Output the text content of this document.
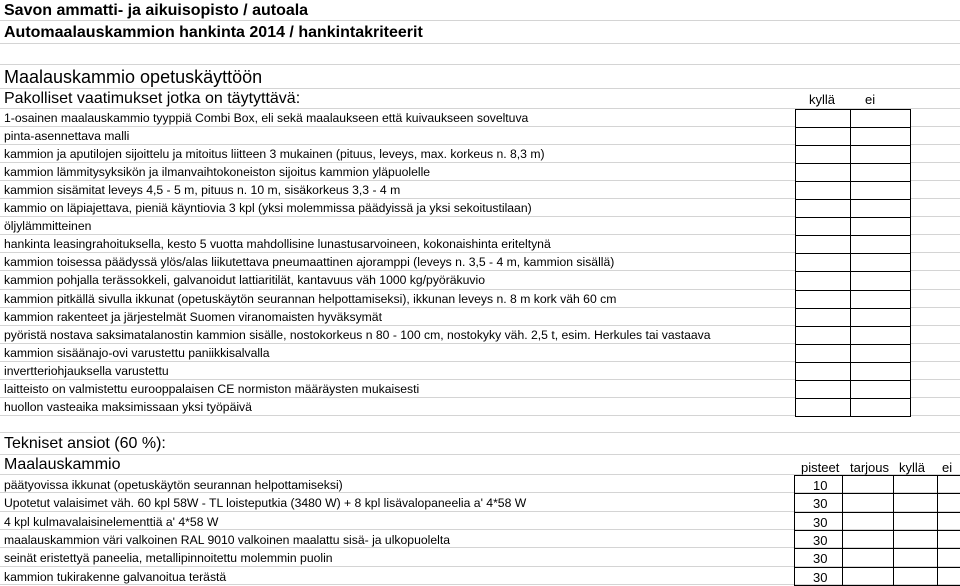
Savon ammatti- ja aikuisopisto / autoala
Automaalauskammion hankinta 2014 / hankintakriteerit
Maalauskammio opetuskäyttöön
Pakolliset vaatimukset jotka on täytyttävä:	kyllä ei
1-osainen maalauskammio tyyppiä Combi Box, eli sekä maalaukseen että kuivaukseen soveltuva
pinta-asennettava malli
kammion ja aputilojen sijoittelu ja mitoitus liitteen 3 mukainen (pituus, leveys, max. korkeus n. 8,3 m)
kammion lämmitysyksikön ja ilmanvaihtokoneiston sijoitus kammion yläpuolelle
kammion sisämitat leveys 4,5 - 5 m, pituus n. 10 m, sisäkorkeus 3,3 - 4 m
kammio on läpiajettava, pieniä käyntiovia 3 kpl (yksi molemmissa päädyissä ja yksi sekoitustilaan)
öljylämmitteinen
hankinta leasingrahoituksella, kesto 5 vuotta mahdollisine lunastusarvoineen, kokonaishinta eriteltynä
kammion toisessa päädyssä ylös/alas liikutettava pneumaattinen ajoramppi (leveys n. 3,5 - 4 m, kammion sisällä)
kammion pohjalla terässokkeli, galvanoidut lattiaritilät, kantavuus väh 1000 kg/pyöräkuvio
kammion pitkällä sivulla ikkunat (opetuskäytön seurannan helpottamiseksi), ikkunan leveys n. 8 m kork väh 60 cm
kammion rakenteet ja järjestelmät Suomen viranomaisten hyväksymät
pyöristä nostava saksimatalanostin kammion sisälle, nostokorkeus n 80 - 100 cm, nostokyky väh. 2,5 t, esim. Herkules tai vastaava
kammion sisäänajo-ovi varustettu paniikkisalvalla
invertteriohjauksella varustettu
laitteisto on valmistettu eurooppalaisen CE normiston määräysten mukaisesti
huollon vasteaika maksimissaan yksi työpäivä
Tekniset ansiot (60 %):
Maalauskammio	pisteet tarjous kyllä ei
päätyovissa ikkunat (opetuskäytön seurannan helpottamiseksi)	10
Upotetut valaisimet väh. 60 kpl 58W - TL loisteputkia (3480 W) + 8 kpl lisävalopaneelia a' 4*58 W	30
4 kpl kulmavalaisinelementtiä a' 4*58 W	30
maalauskammion väri valkoinen RAL 9010 valkoinen maalattu sisä- ja ulkopuolelta	30
seinät eristettyä paneelia, metallipinnoitettu molemmin puolin	30
kammion tukirakenne galvanoitua terästä	30
